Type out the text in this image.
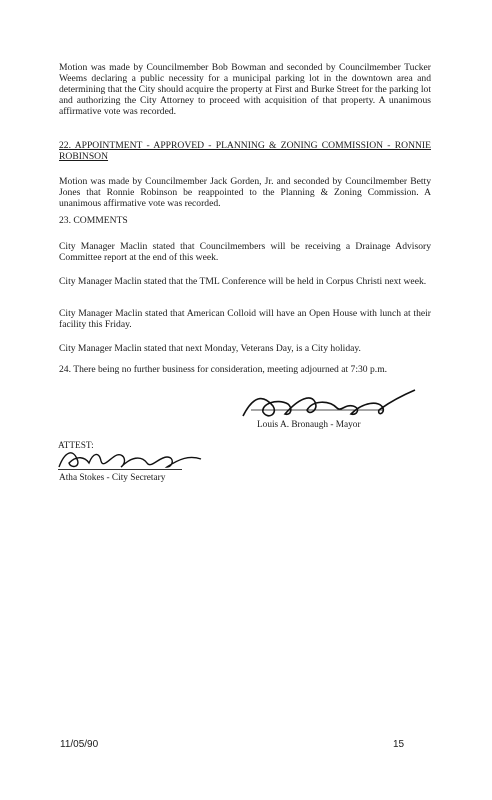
Motion was made by Councilmember Bob Bowman and seconded by Councilmember Tucker Weems declaring a public necessity for a municipal parking lot in the downtown area and determining that the City should acquire the property at First and Burke Street for the parking lot and authorizing the City Attorney to proceed with acquisition of that property. A unanimous affirmative vote was recorded.

22. APPOINTMENT - APPROVED - PLANNING & ZONING COMMISSION - RONNIE ROBINSON

Motion was made by Councilmember Jack Gorden, Jr. and seconded by Councilmember Betty Jones that Ronnie Robinson be reappointed to the Planning & Zoning Commission. A unanimous affirmative vote was recorded.

23. COMMENTS

City Manager Maclin stated that Councilmembers will be receiving a Drainage Advisory Committee report at the end of this week.

City Manager Maclin stated that the TML Conference will be held in Corpus Christi next week.

City Manager Maclin stated that American Colloid will have an Open House with lunch at their facility this Friday.

City Manager Maclin stated that next Monday, Veterans Day, is a City holiday.

24. There being no further business for consideration, meeting adjourned at 7:30 p.m.

Louis A. Bronaugh - Mayor
ATTEST:
Atha Stokes - City Secretary
11/05/90	15
